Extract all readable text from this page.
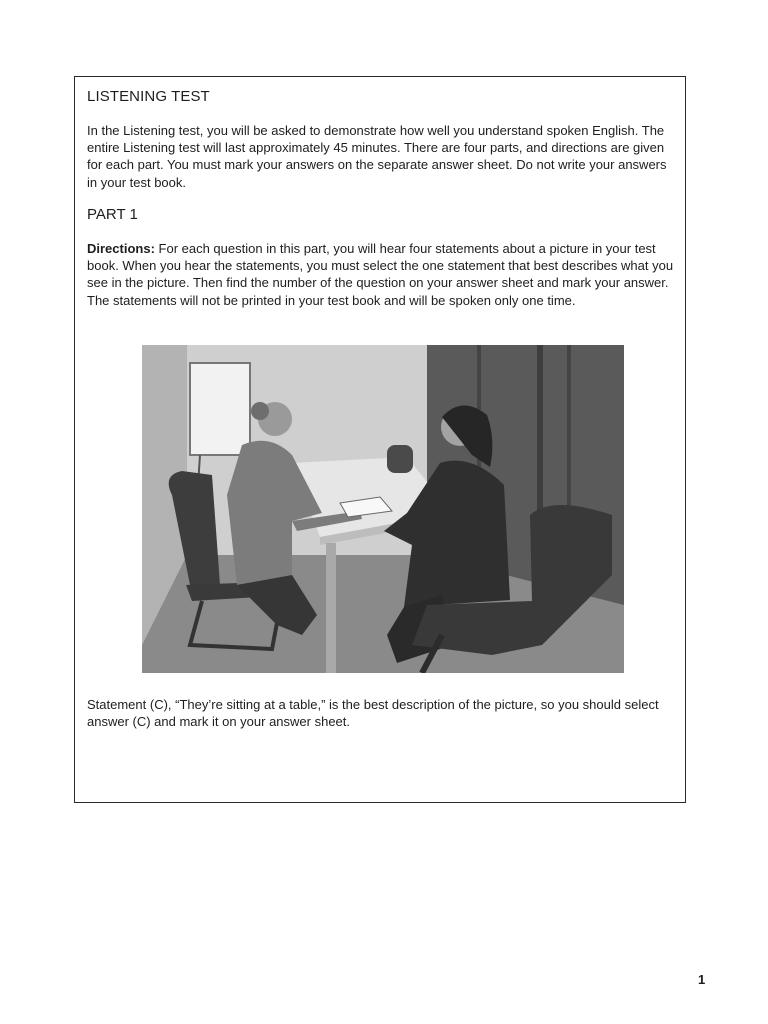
LISTENING TEST
In the Listening test, you will be asked to demonstrate how well you understand spoken English. The entire Listening test will last approximately 45 minutes. There are four parts, and directions are given for each part. You must mark your answers on the separate answer sheet. Do not write your answers in your test book.
PART 1
Directions: For each question in this part, you will hear four statements about a picture in your test book. When you hear the statements, you must select the one statement that best describes what you see in the picture. Then find the number of the question on your answer sheet and mark your answer. The statements will not be printed in your test book and will be spoken only one time.
Statement (C), “They’re sitting at a table,” is the best description of the picture, so you should select answer (C) and mark it on your answer sheet.
1
